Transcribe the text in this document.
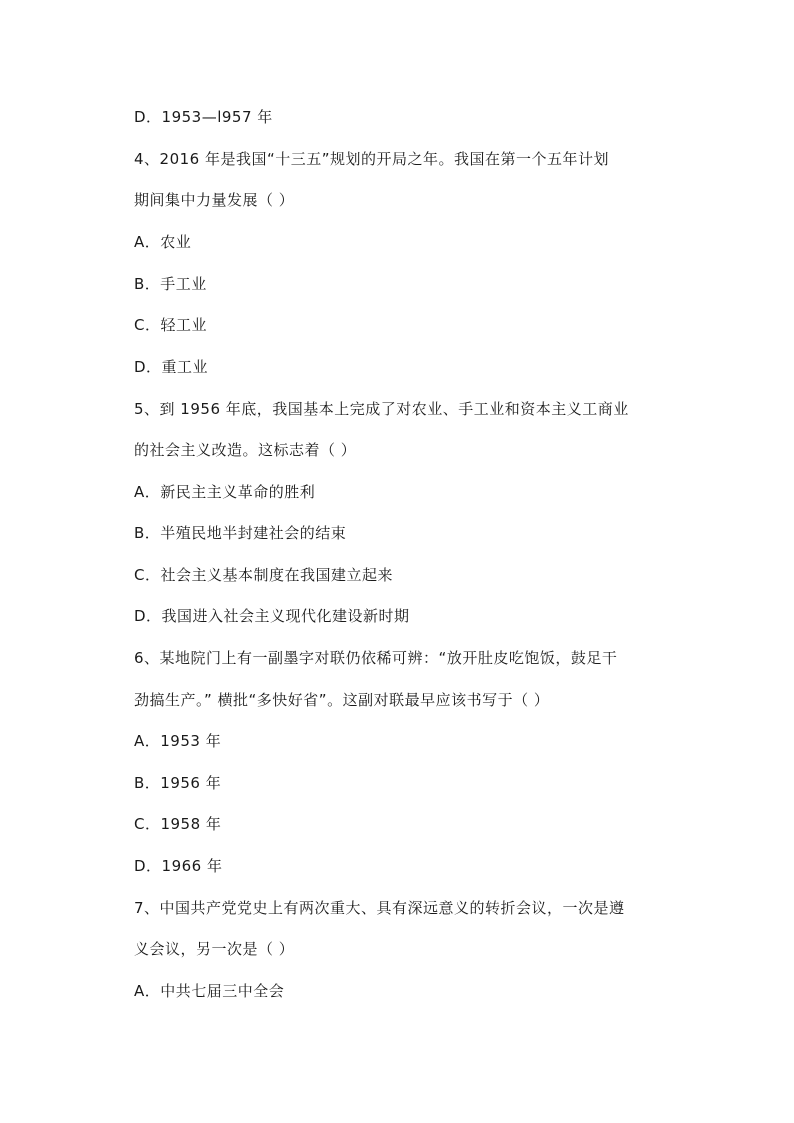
D．1953—l957 年
4、2016 年是我国“十三五”规划的开局之年。我国在第一个五年计划
期间集中力量发展（ ）
A．农业
B．手工业
C．轻工业
D．重工业
5、到 1956 年底，我国基本上完成了对农业、手工业和资本主义工商业
的社会主义改造。这标志着（ ）
A．新民主主义革命的胜利
B．半殖民地半封建社会的结束
C．社会主义基本制度在我国建立起来
D．我国进入社会主义现代化建设新时期
6、某地院门上有一副墨字对联仍依稀可辨：“放开肚皮吃饱饭，鼓足干
劲搞生产。” 横批“多快好省”。这副对联最早应该书写于（ ）
A．1953 年
B．1956 年
C．1958 年
D．1966 年
7、中国共产党党史上有两次重大、具有深远意义的转折会议，一次是遵
义会议，另一次是（ ）
A．中共七届三中全会
